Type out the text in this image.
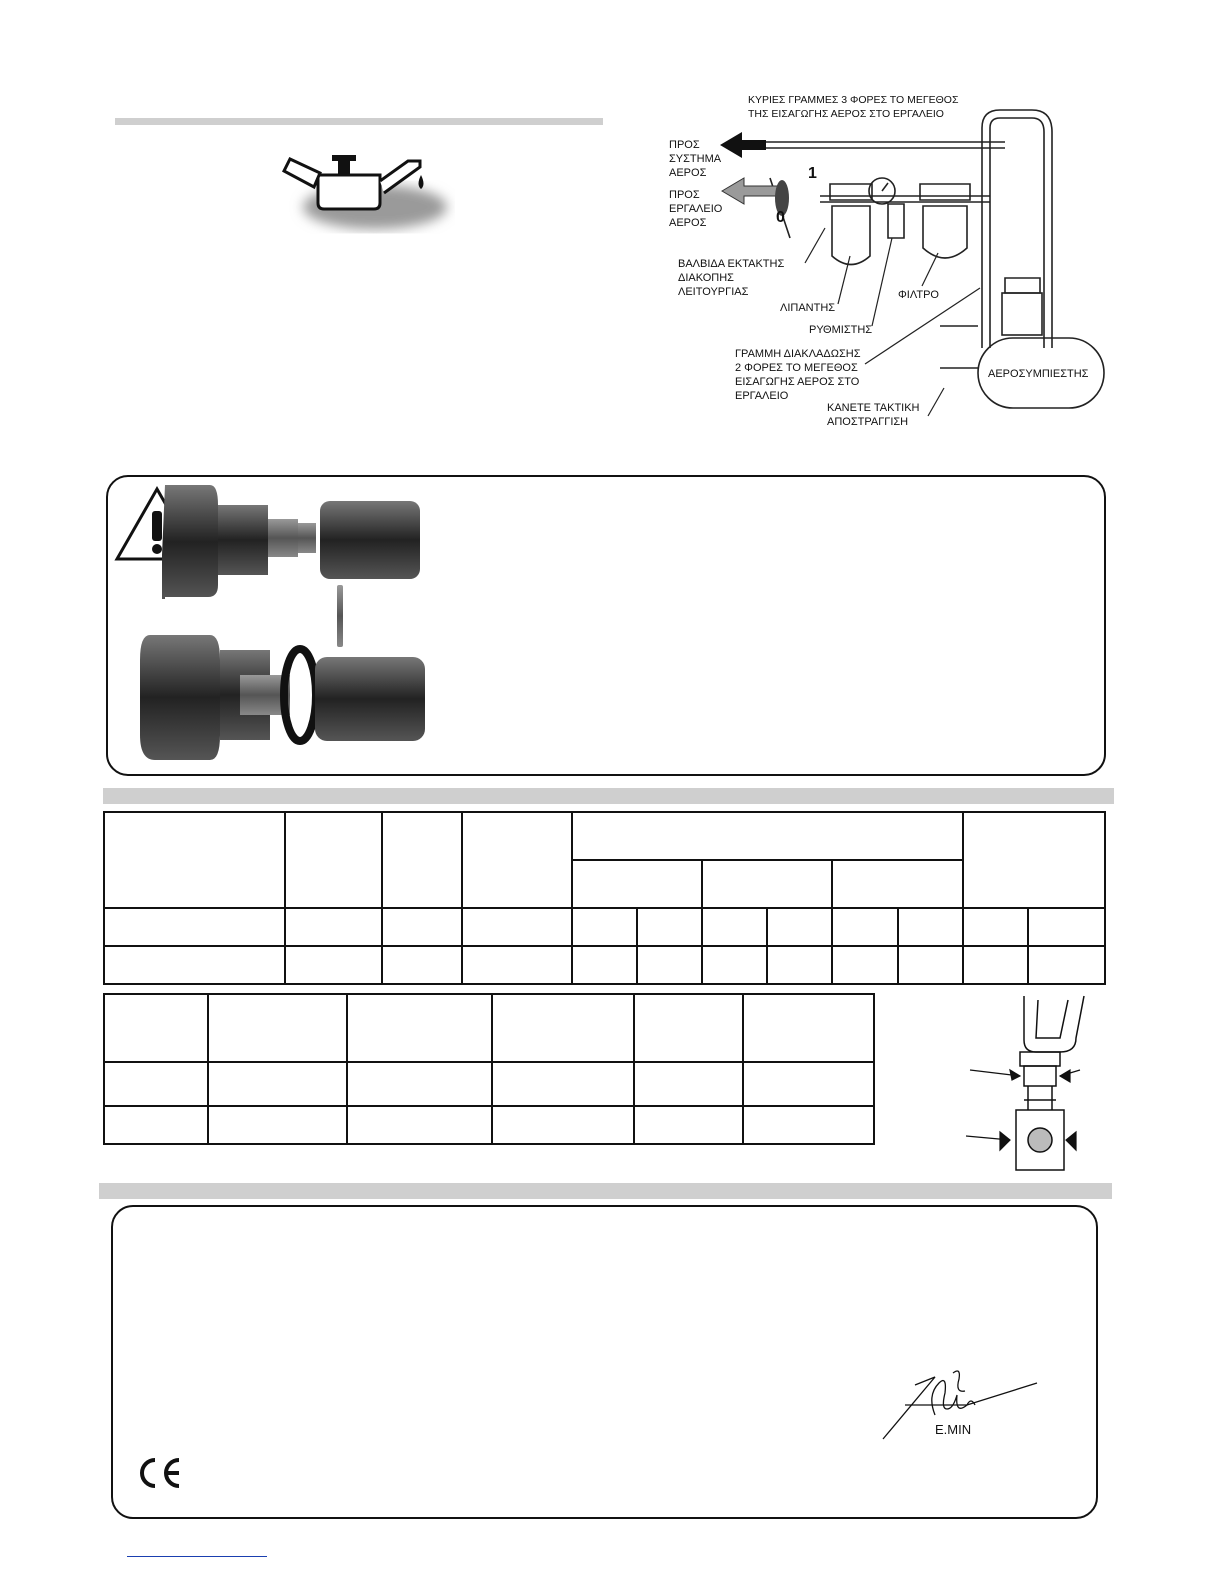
ΚΥΡΙΕΣ ΓΡΑΜΜΕΣ 3 ΦΟΡΕΣ ΤΟ ΜΕΓΕΘΟΣ
ΤΗΣ ΕΙΣΑΓΩΓΗΣ ΑΕΡΟΣ ΣΤΟ ΕΡΓΑΛΕΙΟ
ΠΡΟΣ
ΣΥΣΤΗΜΑ
ΑΕΡΟΣ
ΠΡΟΣ
ΕΡΓΑΛΕΙΟ
ΑΕΡΟΣ
1
0
ΒΑΛΒΙΔΑ ΕΚΤΑΚΤΗΣ
ΔΙΑΚΟΠΗΣ
ΛΕΙΤΟΥΡΓΙΑΣ
ΛΙΠΑΝΤΗΣ
ΡΥΘΜΙΣΤΗΣ
ΦΙΛΤΡΟ
ΓΡΑΜΜΗ ΔΙΑΚΛΑΔΩΣΗΣ
2 ΦΟΡΕΣ ΤΟ ΜΕΓΕΘΟΣ
ΕΙΣΑΓΩΓΗΣ ΑΕΡΟΣ ΣΤΟ
ΕΡΓΑΛΕΙΟ
ΑΕΡΟΣΥΜΠΙΕΣΤΗΣ
ΚΑΝΕΤΕ ΤΑΚΤΙΚΗ
ΑΠΟΣΤΡΑΓΓΙΣΗ

E.MIN
